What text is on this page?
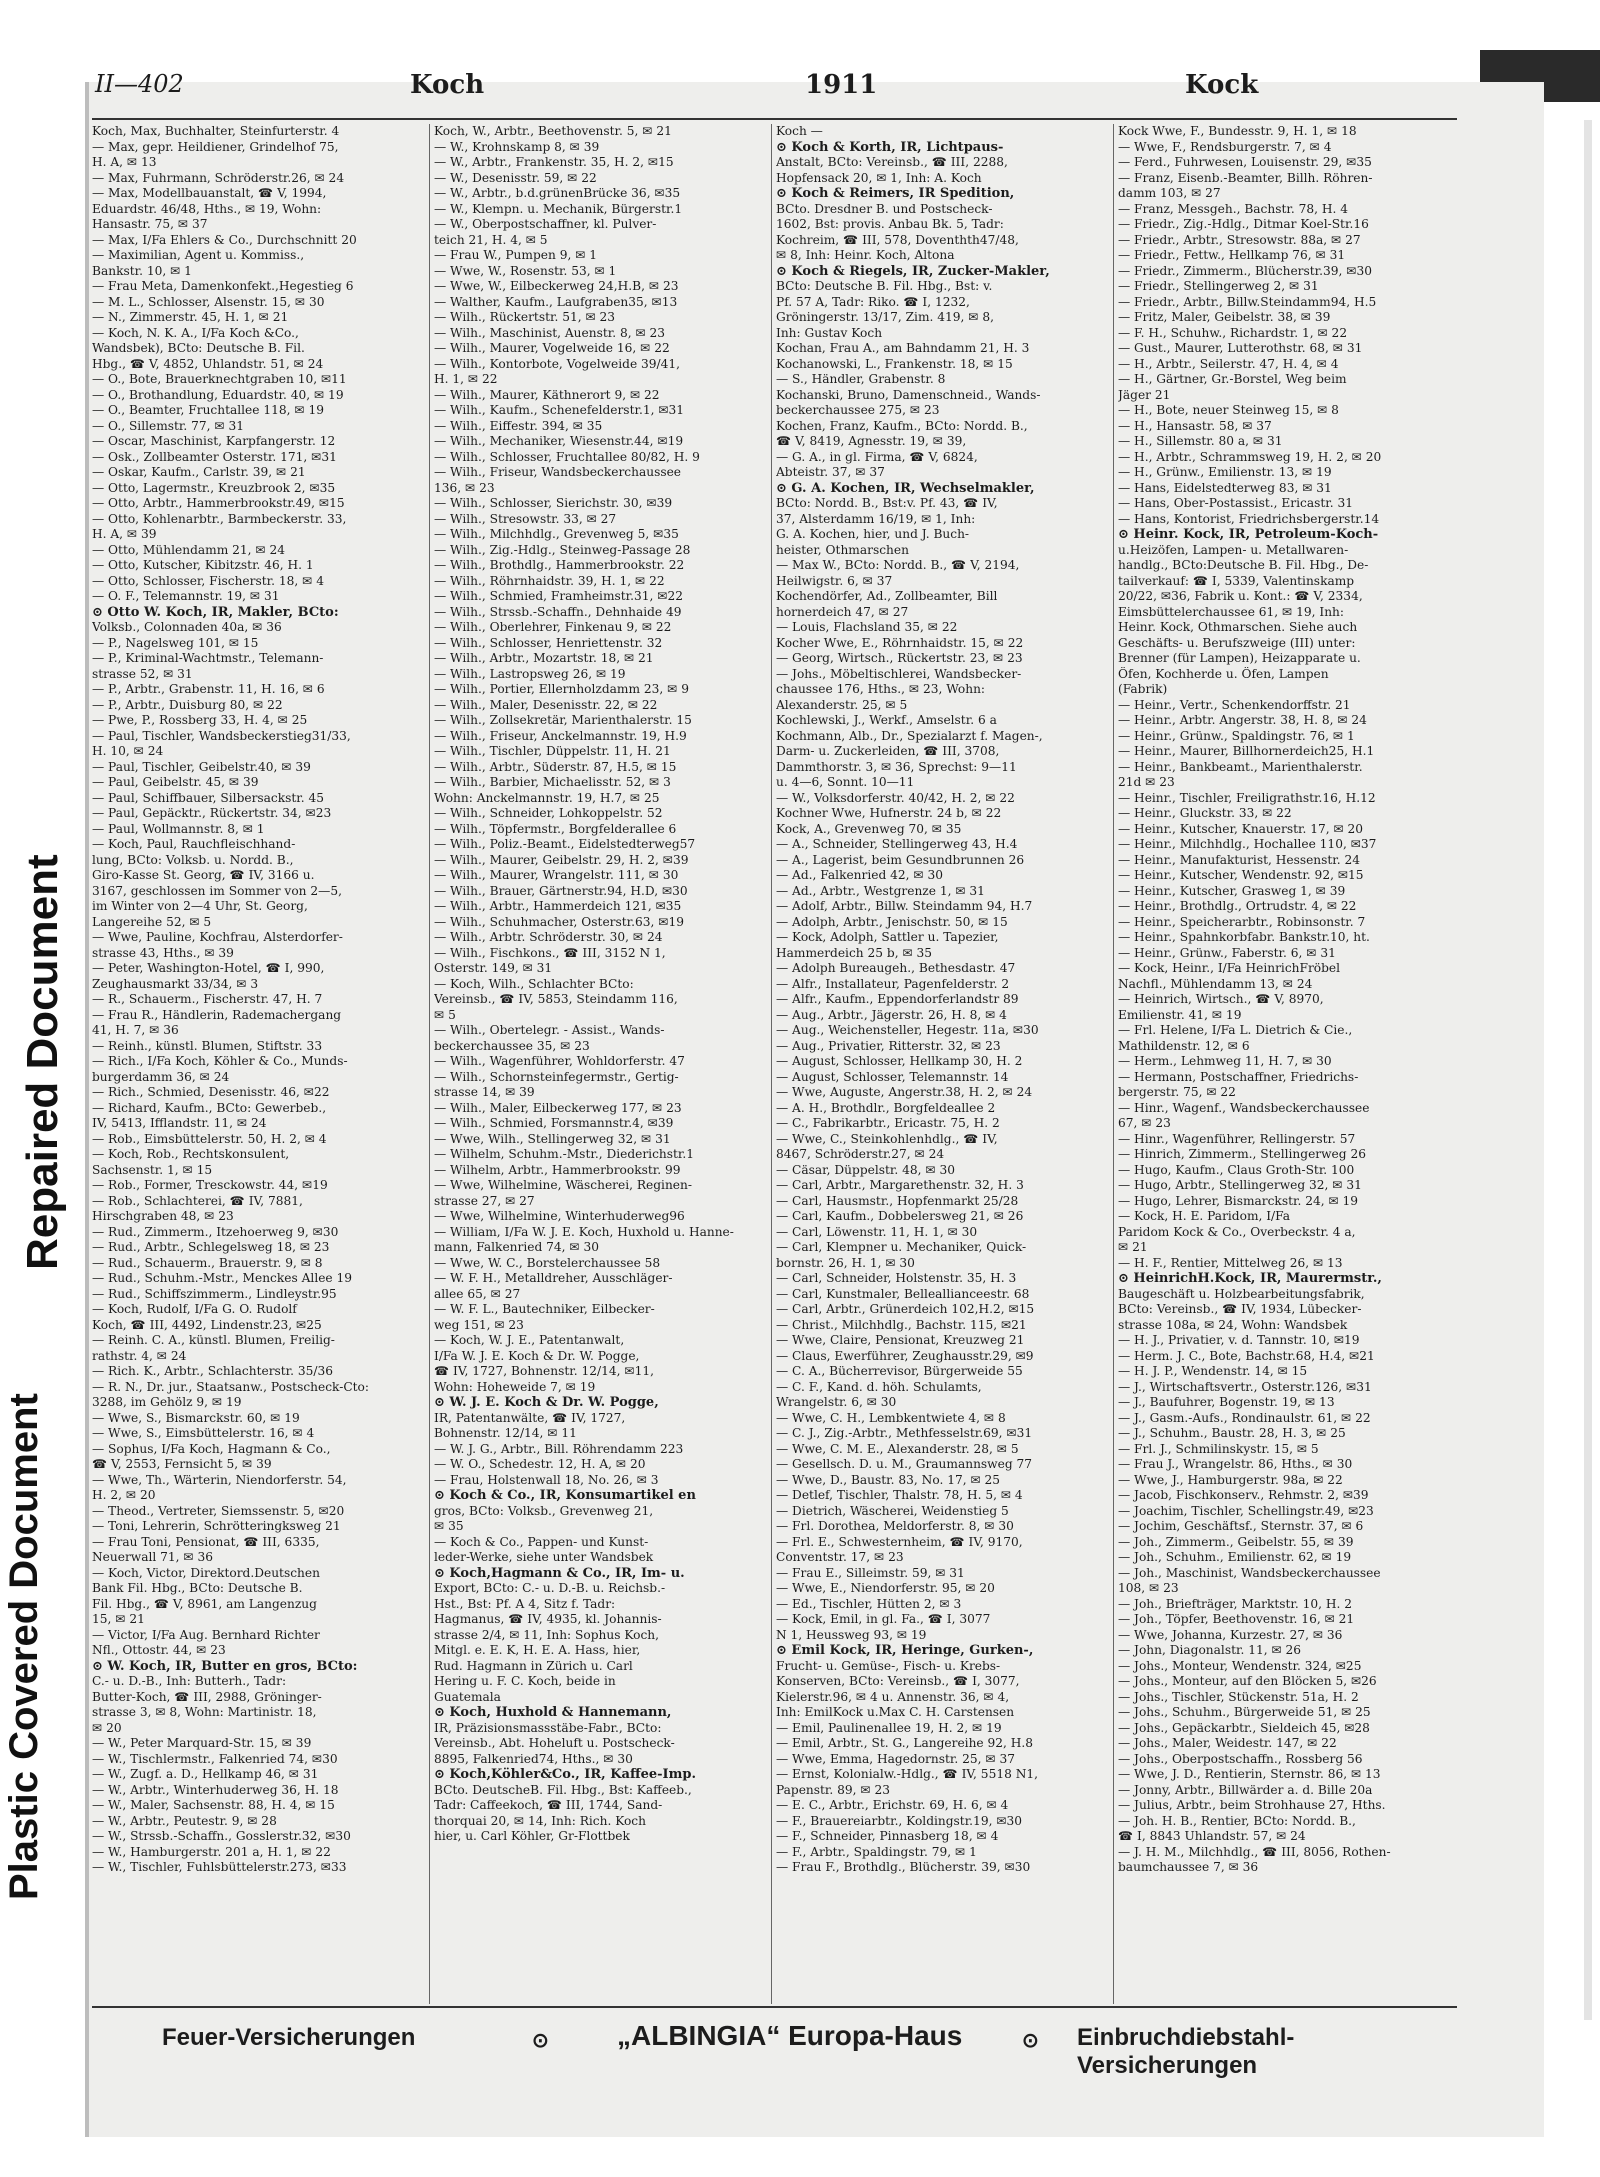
Plastic Covered Document
Repaired Document
II—402	Koch	1911	Kock
Koch, Max, Buchhalter, Steinfurterstr. 4
— Max, gepr. Heildiener, Grindelhof 75,
H. A, ✉ 13
— Max, Fuhrmann, Schröderstr.26, ✉ 24
— Max, Modellbauanstalt, ☎ V, 1994,
Eduardstr. 46/48, Hths., ✉ 19, Wohn:
Hansastr. 75, ✉ 37
— Max, I/Fa Ehlers & Co., Durchschnitt 20
— Maximilian, Agent u. Kommiss.,
Bankstr. 10, ✉ 1
— Frau Meta, Damenkonfekt.,Hegestieg 6
— M. L., Schlosser, Alsenstr. 15, ✉ 30
— N., Zimmerstr. 45, H. 1, ✉ 21
— Koch, N. K. A., I/Fa Koch &Co.,
Wandsbek), BCto: Deutsche B. Fil.
Hbg., ☎ V, 4852, Uhlandstr. 51, ✉ 24
— O., Bote, Brauerknechtgraben 10, ✉11
— O., Brothandlung, Eduardstr. 40, ✉ 19
— O., Beamter, Fruchtallee 118, ✉ 19
— O., Sillemstr. 77, ✉ 31
— Oscar, Maschinist, Karpfangerstr. 12
— Osk., Zollbeamter Osterstr. 171, ✉31
— Oskar, Kaufm., Carlstr. 39, ✉ 21
— Otto, Lagermstr., Kreuzbrook 2, ✉35
— Otto, Arbtr., Hammerbrookstr.49, ✉15
— Otto, Kohlenarbtr., Barmbeckerstr. 33,
H. A, ✉ 39
— Otto, Mühlendamm 21, ✉ 24
— Otto, Kutscher, Kibitzstr. 46, H. 1
— Otto, Schlosser, Fischerstr. 18, ✉ 4
— O. F., Telemannstr. 19, ✉ 31
⊙ Otto W. Koch, IR, Makler, BCto:
Volksb., Colonnaden 40a, ✉ 36
— P., Nagelsweg 101, ✉ 15
— P., Kriminal-Wachtmstr., Telemann-
strasse 52, ✉ 31
— P., Arbtr., Grabenstr. 11, H. 16, ✉ 6
— P., Arbtr., Duisburg 80, ✉ 22
— Pwe, P., Rossberg 33, H. 4, ✉ 25
— Paul, Tischler, Wandsbeckerstieg31/33,
H. 10, ✉ 24
— Paul, Tischler, Geibelstr.40, ✉ 39
— Paul, Geibelstr. 45, ✉ 39
— Paul, Schiffbauer, Silbersackstr. 45
— Paul, Gepäcktr., Rückertstr. 34, ✉23
— Paul, Wollmannstr. 8, ✉ 1
— Koch, Paul, Rauchfleischhand-
lung, BCto: Volksb. u. Nordd. B.,
Giro-Kasse St. Georg, ☎ IV, 3166 u.
3167, geschlossen im Sommer von 2—5,
im Winter von 2—4 Uhr, St. Georg,
Langereihe 52, ✉ 5
— Wwe, Pauline, Kochfrau, Alsterdorfer-
strasse 43, Hths., ✉ 39
— Peter, Washington-Hotel, ☎ I, 990,
Zeughausmarkt 33/34, ✉ 3
— R., Schauerm., Fischerstr. 47, H. 7
— Frau R., Händlerin, Rademachergang
41, H. 7, ✉ 36
— Reinh., künstl. Blumen, Stiftstr. 33
— Rich., I/Fa Koch, Köhler & Co., Munds-
burgerdamm 36, ✉ 24
— Rich., Schmied, Desenisstr. 46, ✉22
— Richard, Kaufm., BCto: Gewerbeb.,
IV, 5413, Ifflandstr. 11, ✉ 24
— Rob., Eimsbüttelerstr. 50, H. 2, ✉ 4
— Koch, Rob., Rechtskonsulent,
Sachsenstr. 1, ✉ 15
— Rob., Former, Tresckowstr. 44, ✉19
— Rob., Schlachterei, ☎ IV, 7881,
Hirschgraben 48, ✉ 23
— Rud., Zimmerm., Itzehoerweg 9, ✉30
— Rud., Arbtr., Schlegelsweg 18, ✉ 23
— Rud., Schauerm., Brauerstr. 9, ✉ 8
— Rud., Schuhm.-Mstr., Menckes Allee 19
— Rud., Schiffszimmerm., Lindleystr.95
— Koch, Rudolf, I/Fa G. O. Rudolf
Koch, ☎ III, 4492, Lindenstr.23, ✉25
— Reinh. C. A., künstl. Blumen, Freilig-
rathstr. 4, ✉ 24
— Rich. K., Arbtr., Schlachterstr. 35/36
— R. N., Dr. jur., Staatsanw., Postscheck-Cto:
3288, im Gehölz 9, ✉ 19
— Wwe, S., Bismarckstr. 60, ✉ 19
— Wwe, S., Eimsbüttelerstr. 16, ✉ 4
— Sophus, I/Fa Koch, Hagmann & Co.,
☎ V, 2553, Fernsicht 5, ✉ 39
— Wwe, Th., Wärterin, Niendorferstr. 54,
H. 2, ✉ 20
— Theod., Vertreter, Siemssenstr. 5, ✉20
— Toni, Lehrerin, Schrötteringksweg 21
— Frau Toni, Pensionat, ☎ III, 6335,
Neuerwall 71, ✉ 36
— Koch, Victor, Direktord.Deutschen
Bank Fil. Hbg., BCto: Deutsche B.
Fil. Hbg., ☎ V, 8961, am Langenzug
15, ✉ 21
— Victor, I/Fa Aug. Bernhard Richter
Nfl., Ottostr. 44, ✉ 23
⊙ W. Koch, IR, Butter en gros, BCto:
C.- u. D.-B., Inh: Butterh., Tadr:
Butter-Koch, ☎ III, 2988, Gröninger-
strasse 3, ✉ 8, Wohn: Martinistr. 18,
✉ 20
— W., Peter Marquard-Str. 15, ✉ 39
— W., Tischlermstr., Falkenried 74, ✉30
— W., Zugf. a. D., Hellkamp 46, ✉ 31
— W., Arbtr., Winterhuderweg 36, H. 18
— W., Maler, Sachsenstr. 88, H. 4, ✉ 15
— W., Arbtr., Peutestr. 9, ✉ 28
— W., Strssb.-Schaffn., Gosslerstr.32, ✉30
— W., Hamburgerstr. 201 a, H. 1, ✉ 22
— W., Tischler, Fuhlsbüttelerstr.273, ✉33
Koch, W., Arbtr., Beethovenstr. 5, ✉ 21
— W., Krohnskamp 8, ✉ 39
— W., Arbtr., Frankenstr. 35, H. 2, ✉15
— W., Desenisstr. 59, ✉ 22
— W., Arbtr., b.d.grünenBrücke 36, ✉35
— W., Klempn. u. Mechanik, Bürgerstr.1
— W., Oberpostschaffner, kl. Pulver-
teich 21, H. 4, ✉ 5
— Frau W., Pumpen 9, ✉ 1
— Wwe, W., Rosenstr. 53, ✉ 1
— Wwe, W., Eilbeckerweg 24,H.B, ✉ 23
— Walther, Kaufm., Laufgraben35, ✉13
— Wilh., Rückertstr. 51, ✉ 23
— Wilh., Maschinist, Auenstr. 8, ✉ 23
— Wilh., Maurer, Vogelweide 16, ✉ 22
— Wilh., Kontorbote, Vogelweide 39/41,
H. 1, ✉ 22
— Wilh., Maurer, Käthnerort 9, ✉ 22
— Wilh., Kaufm., Schenefelderstr.1, ✉31
— Wilh., Eiffestr. 394, ✉ 35
— Wilh., Mechaniker, Wiesenstr.44, ✉19
— Wilh., Schlosser, Fruchtallee 80/82, H. 9
— Wilh., Friseur, Wandsbeckerchaussee
136, ✉ 23
— Wilh., Schlosser, Sierichstr. 30, ✉39
— Wilh., Stresowstr. 33, ✉ 27
— Wilh., Milchhdlg., Grevenweg 5, ✉35
— Wilh., Zig.-Hdlg., Steinweg-Passage 28
— Wilh., Brothdlg., Hammerbrookstr. 22
— Wilh., Röhrnhaidstr. 39, H. 1, ✉ 22
— Wilh., Schmied, Framheimstr.31, ✉22
— Wilh., Strssb.-Schaffn., Dehnhaide 49
— Wilh., Oberlehrer, Finkenau 9, ✉ 22
— Wilh., Schlosser, Henriettenstr. 32
— Wilh., Arbtr., Mozartstr. 18, ✉ 21
— Wilh., Lastropsweg 26, ✉ 19
— Wilh., Portier, Ellernholzdamm 23, ✉ 9
— Wilh., Maler, Desenisstr. 22, ✉ 22
— Wilh., Zollsekretär, Marienthalerstr. 15
— Wilh., Friseur, Anckelmannstr. 19, H.9
— Wilh., Tischler, Düppelstr. 11, H. 21
— Wilh., Arbtr., Süderstr. 87, H.5, ✉ 15
— Wilh., Barbier, Michaelisstr. 52, ✉ 3
Wohn: Anckelmannstr. 19, H.7, ✉ 25
— Wilh., Schneider, Lohkoppelstr. 52
— Wilh., Töpfermstr., Borgfelderallee 6
— Wilh., Poliz.-Beamt., Eidelstedterweg57
— Wilh., Maurer, Geibelstr. 29, H. 2, ✉39
— Wilh., Maurer, Wrangelstr. 111, ✉ 30
— Wilh., Brauer, Gärtnerstr.94, H.D, ✉30
— Wilh., Arbtr., Hammerdeich 121, ✉35
— Wilh., Schuhmacher, Osterstr.63, ✉19
— Wilh., Arbtr. Schröderstr. 30, ✉ 24
— Wilh., Fischkons., ☎ III, 3152 N 1,
Osterstr. 149, ✉ 31
— Koch, Wilh., Schlachter BCto:
Vereinsb., ☎ IV, 5853, Steindamm 116,
✉ 5
— Wilh., Obertelegr. - Assist., Wands-
beckerchaussee 35, ✉ 23
— Wilh., Wagenführer, Wohldorferstr. 47
— Wilh., Schornsteinfegermstr., Gertig-
strasse 14, ✉ 39
— Wilh., Maler, Eilbeckerweg 177, ✉ 23
— Wilh., Schmied, Forsmannstr.4, ✉39
— Wwe, Wilh., Stellingerweg 32, ✉ 31
— Wilhelm, Schuhm.-Mstr., Diederichstr.1
— Wilhelm, Arbtr., Hammerbrookstr. 99
— Wwe, Wilhelmine, Wäscherei, Reginen-
strasse 27, ✉ 27
— Wwe, Wilhelmine, Winterhuderweg96
— William, I/Fa W. J. E. Koch, Huxhold u. Hanne-
mann, Falkenried 74, ✉ 30
— Wwe, W. C., Borstelerchaussee 58
— W. F. H., Metalldreher, Ausschläger-
allee 65, ✉ 27
— W. F. L., Bautechniker, Eilbecker-
weg 151, ✉ 23
— Koch, W. J. E., Patentanwalt,
I/Fa W. J. E. Koch & Dr. W. Pogge,
☎ IV, 1727, Bohnenstr. 12/14, ✉11,
Wohn: Hoheweide 7, ✉ 19
⊙ W. J. E. Koch & Dr. W. Pogge,
IR, Patentanwälte, ☎ IV, 1727,
Bohnenstr. 12/14, ✉ 11
— W. J. G., Arbtr., Bill. Röhrendamm 223
— W. O., Schedestr. 12, H. A, ✉ 20
— Frau, Holstenwall 18, No. 26, ✉ 3
⊙ Koch & Co., IR, Konsumartikel en
gros, BCto: Volksb., Grevenweg 21,
✉ 35
— Koch & Co., Pappen- und Kunst-
leder-Werke, siehe unter Wandsbek
⊙ Koch,Hagmann & Co., IR, Im- u.
Export, BCto: C.- u. D.-B. u. Reichsb.-
Hst., Bst: Pf. A 4, Sitz f. Tadr:
Hagmanus, ☎ IV, 4935, kl. Johannis-
strasse 2/4, ✉ 11, Inh: Sophus Koch,
Mitgl. e. E. K, H. E. A. Hass, hier,
Rud. Hagmann in Zürich u. Carl
Hering u. F. C. Koch, beide in
Guatemala
⊙ Koch, Huxhold & Hannemann,
IR, Präzisionsmassstäbe-Fabr., BCto:
Vereinsb., Abt. Hoheluft u. Postscheck-
8895, Falkenried74, Hths., ✉ 30
⊙ Koch,Köhler&Co., IR, Kaffee-Imp.
BCto. DeutscheB. Fil. Hbg., Bst: Kaffeeb.,
Tadr: Caffeekoch, ☎ III, 1744, Sand-
thorquai 20, ✉ 14, Inh: Rich. Koch
hier, u. Carl Köhler, Gr-Flottbek
Koch —
⊙ Koch & Korth, IR, Lichtpaus-
Anstalt, BCto: Vereinsb., ☎ III, 2288,
Hopfensack 20, ✉ 1, Inh: A. Koch
⊙ Koch & Reimers, IR Spedition,
BCto. Dresdner B. und Postscheck-
1602, Bst: provis. Anbau Bk. 5, Tadr:
Kochreim, ☎ III, 578, Doventhth47/48,
✉ 8, Inh: Heinr. Koch, Altona
⊙ Koch & Riegels, IR, Zucker-Makler,
BCto: Deutsche B. Fil. Hbg., Bst: v.
Pf. 57 A, Tadr: Riko. ☎ I, 1232,
Gröningerstr. 13/17, Zim. 419, ✉ 8,
Inh: Gustav Koch
Kochan, Frau A., am Bahndamm 21, H. 3
Kochanowski, L., Frankenstr. 18, ✉ 15
— S., Händler, Grabenstr. 8
Kochanski, Bruno, Damenschneid., Wands-
beckerchaussee 275, ✉ 23
Kochen, Franz, Kaufm., BCto: Nordd. B.,
☎ V, 8419, Agnesstr. 19, ✉ 39,
— G. A., in gl. Firma, ☎ V, 6824,
Abteistr. 37, ✉ 37
⊙ G. A. Kochen, IR, Wechselmakler,
BCto: Nordd. B., Bst:v. Pf. 43, ☎ IV,
37, Alsterdamm 16/19, ✉ 1, Inh:
G. A. Kochen, hier, und J. Buch-
heister, Othmarschen
— Max W., BCto: Nordd. B., ☎ V, 2194,
Heilwigstr. 6, ✉ 37
Kochendörfer, Ad., Zollbeamter, Bill
hornerdeich 47, ✉ 27
— Louis, Flachsland 35, ✉ 22
Kocher Wwe, E., Röhrnhaidstr. 15, ✉ 22
— Georg, Wirtsch., Rückertstr. 23, ✉ 23
— Johs., Möbeltischlerei, Wandsbecker-
chaussee 176, Hths., ✉ 23, Wohn:
Alexanderstr. 25, ✉ 5
Kochlewski, J., Werkf., Amselstr. 6 a
Kochmann, Alb., Dr., Spezialarzt f. Magen-,
Darm- u. Zuckerleiden, ☎ III, 3708,
Dammthorstr. 3, ✉ 36, Sprechst: 9—11
u. 4—6, Sonnt. 10—11
— W., Volksdorferstr. 40/42, H. 2, ✉ 22
Kochner Wwe, Hufnerstr. 24 b, ✉ 22
Kock, A., Grevenweg 70, ✉ 35
— A., Schneider, Stellingerweg 43, H.4
— A., Lagerist, beim Gesundbrunnen 26
— Ad., Falkenried 42, ✉ 30
— Ad., Arbtr., Westgrenze 1, ✉ 31
— Adolf, Arbtr., Billw. Steindamm 94, H.7
— Adolph, Arbtr., Jenischstr. 50, ✉ 15
— Kock, Adolph, Sattler u. Tapezier,
Hammerdeich 25 b, ✉ 35
— Adolph Bureaugeh., Bethesdastr. 47
— Alfr., Installateur, Pagenfelderstr. 2
— Alfr., Kaufm., Eppendorferlandstr 89
— Aug., Arbtr., Jägerstr. 26, H. 8, ✉ 4
— Aug., Weichensteller, Hegestr. 11a, ✉30
— Aug., Privatier, Ritterstr. 32, ✉ 23
— August, Schlosser, Hellkamp 30, H. 2
— August, Schlosser, Telemannstr. 14
— Wwe, Auguste, Angerstr.38, H. 2, ✉ 24
— A. H., Brothdlr., Borgfeldeallee 2
— C., Fabrikarbtr., Ericastr. 75, H. 2
— Wwe, C., Steinkohlenhdlg., ☎ IV,
8467, Schröderstr.27, ✉ 24
— Cäsar, Düppelstr. 48, ✉ 30
— Carl, Arbtr., Margarethenstr. 32, H. 3
— Carl, Hausmstr., Hopfenmarkt 25/28
— Carl, Kaufm., Dobbelersweg 21, ✉ 26
— Carl, Löwenstr. 11, H. 1, ✉ 30
— Carl, Klempner u. Mechaniker, Quick-
bornstr. 26, H. 1, ✉ 30
— Carl, Schneider, Holstenstr. 35, H. 3
— Carl, Kunstmaler, Belleallianceestr. 68
— Carl, Arbtr., Grünerdeich 102,H.2, ✉15
— Christ., Milchhdlg., Bachstr. 115, ✉21
— Wwe, Claire, Pensionat, Kreuzweg 21
— Claus, Ewerführer, Zeughausstr.29, ✉9
— C. A., Bücherrevisor, Bürgerweide 55
— C. F., Kand. d. höh. Schulamts,
Wrangelstr. 6, ✉ 30
— Wwe, C. H., Lembkentwiete 4, ✉ 8
— C. J., Zig.-Arbtr., Methfesselstr.69, ✉31
— Wwe, C. M. E., Alexanderstr. 28, ✉ 5
— Gesellsch. D. u. M., Graumannsweg 77
— Wwe, D., Baustr. 83, No. 17, ✉ 25
— Detlef, Tischler, Thalstr. 78, H. 5, ✉ 4
— Dietrich, Wäscherei, Weidenstieg 5
— Frl. Dorothea, Meldorferstr. 8, ✉ 30
— Frl. E., Schwesternheim, ☎ IV, 9170,
Conventstr. 17, ✉ 23
— Frau E., Silleimstr. 59, ✉ 31
— Wwe, E., Niendorferstr. 95, ✉ 20
— Ed., Tischler, Hütten 2, ✉ 3
— Kock, Emil, in gl. Fa., ☎ I, 3077
N 1, Heussweg 93, ✉ 19
⊙ Emil Kock, IR, Heringe, Gurken-,
Frucht- u. Gemüse-, Fisch- u. Krebs-
Konserven, BCto: Vereinsb., ☎ I, 3077,
Kielerstr.96, ✉ 4 u. Annenstr. 36, ✉ 4,
Inh: EmilKock u.Max C. H. Carstensen
— Emil, Paulinenallee 19, H. 2, ✉ 19
— Emil, Arbtr., St. G., Langereihe 92, H.8
— Wwe, Emma, Hagedornstr. 25, ✉ 37
— Ernst, Kolonialw.-Hdlg., ☎ IV, 5518 N1,
Papenstr. 89, ✉ 23
— E. C., Arbtr., Erichstr. 69, H. 6, ✉ 4
— F., Brauereiarbtr., Koldingstr.19, ✉30
— F., Schneider, Pinnasberg 18, ✉ 4
— F., Arbtr., Spaldingstr. 79, ✉ 1
— Frau F., Brothdlg., Blücherstr. 39, ✉30
Kock Wwe, F., Bundesstr. 9, H. 1, ✉ 18
— Wwe, F., Rendsburgerstr. 7, ✉ 4
— Ferd., Fuhrwesen, Louisenstr. 29, ✉35
— Franz, Eisenb.-Beamter, Billh. Röhren-
damm 103, ✉ 27
— Franz, Messgeh., Bachstr. 78, H. 4
— Friedr., Zig.-Hdlg., Ditmar Koel-Str.16
— Friedr., Arbtr., Stresowstr. 88a, ✉ 27
— Friedr., Fettw., Hellkamp 76, ✉ 31
— Friedr., Zimmerm., Blücherstr.39, ✉30
— Friedr., Stellingerweg 2, ✉ 31
— Friedr., Arbtr., Billw.Steindamm94, H.5
— Fritz, Maler, Geibelstr. 38, ✉ 39
— F. H., Schuhw., Richardstr. 1, ✉ 22
— Gust., Maurer, Lutterothstr. 68, ✉ 31
— H., Arbtr., Seilerstr. 47, H. 4, ✉ 4
— H., Gärtner, Gr.-Borstel, Weg beim
Jäger 21
— H., Bote, neuer Steinweg 15, ✉ 8
— H., Hansastr. 58, ✉ 37
— H., Sillemstr. 80 a, ✉ 31
— H., Arbtr., Schrammsweg 19, H. 2, ✉ 20
— H., Grünw., Emilienstr. 13, ✉ 19
— Hans, Eidelstedterweg 83, ✉ 31
— Hans, Ober-Postassist., Ericastr. 31
— Hans, Kontorist, Friedrichsbergerstr.14
⊙ Heinr. Kock, IR, Petroleum-Koch-
u.Heizöfen, Lampen- u. Metallwaren-
handlg., BCto:Deutsche B. Fil. Hbg., De-
tailverkauf: ☎ I, 5339, Valentinskamp
20/22, ✉36, Fabrik u. Kont.: ☎ V, 2334,
Eimsbüttelerchaussee 61, ✉ 19, Inh:
Heinr. Kock, Othmarschen. Siehe auch
Geschäfts- u. Berufszweige (III) unter:
Brenner (für Lampen), Heizapparate u.
Öfen, Kochherde u. Öfen, Lampen
(Fabrik)
— Heinr., Vertr., Schenkendorffstr. 21
— Heinr., Arbtr. Angerstr. 38, H. 8, ✉ 24
— Heinr., Grünw., Spaldingstr. 76, ✉ 1
— Heinr., Maurer, Billhornerdeich25, H.1
— Heinr., Bankbeamt., Marienthalerstr.
21d ✉ 23
— Heinr., Tischler, Freiligrathstr.16, H.12
— Heinr., Gluckstr. 33, ✉ 22
— Heinr., Kutscher, Knauerstr. 17, ✉ 20
— Heinr., Milchhdlg., Hochallee 110, ✉37
— Heinr., Manufakturist, Hessenstr. 24
— Heinr., Kutscher, Wendenstr. 92, ✉15
— Heinr., Kutscher, Grasweg 1, ✉ 39
— Heinr., Brothdlg., Ortrudstr. 4, ✉ 22
— Heinr., Speicherarbtr., Robinsonstr. 7
— Heinr., Spahnkorbfabr. Bankstr.10, ht.
— Heinr., Grünw., Faberstr. 6, ✉ 31
— Kock, Heinr., I/Fa HeinrichFröbel
Nachfl., Mühlendamm 13, ✉ 24
— Heinrich, Wirtsch., ☎ V, 8970,
Emilienstr. 41, ✉ 19
— Frl. Helene, I/Fa L. Dietrich & Cie.,
Mathildenstr. 12, ✉ 6
— Herm., Lehmweg 11, H. 7, ✉ 30
— Hermann, Postschaffner, Friedrichs-
bergerstr. 75, ✉ 22
— Hinr., Wagenf., Wandsbeckerchaussee
67, ✉ 23
— Hinr., Wagenführer, Rellingerstr. 57
— Hinrich, Zimmerm., Stellingerweg 26
— Hugo, Kaufm., Claus Groth-Str. 100
— Hugo, Arbtr., Stellingerweg 32, ✉ 31
— Hugo, Lehrer, Bismarckstr. 24, ✉ 19
— Kock, H. E. Paridom, I/Fa
Paridom Kock & Co., Overbeckstr. 4 a,
✉ 21
— H. F., Rentier, Mittelweg 26, ✉ 13
⊙ HeinrichH.Kock, IR, Maurermstr.,
Baugeschäft u. Holzbearbeitungsfabrik,
BCto: Vereinsb., ☎ IV, 1934, Lübecker-
strasse 108a, ✉ 24, Wohn: Wandsbek
— H. J., Privatier, v. d. Tannstr. 10, ✉19
— Herm. J. C., Bote, Bachstr.68, H.4, ✉21
— H. J. P., Wendenstr. 14, ✉ 15
— J., Wirtschaftsvertr., Osterstr.126, ✉31
— J., Baufuhrer, Bogenstr. 19, ✉ 13
— J., Gasm.-Aufs., Rondinaulstr. 61, ✉ 22
— J., Schuhm., Baustr. 28, H. 3, ✉ 25
— Frl. J., Schmilinskystr. 15, ✉ 5
— Frau J., Wrangelstr. 86, Hths., ✉ 30
— Wwe, J., Hamburgerstr. 98a, ✉ 22
— Jacob, Fischkonserv., Rehmstr. 2, ✉39
— Joachim, Tischler, Schellingstr.49, ✉23
— Jochim, Geschäftsf., Sternstr. 37, ✉ 6
— Joh., Zimmerm., Geibelstr. 55, ✉ 39
— Joh., Schuhm., Emilienstr. 62, ✉ 19
— Joh., Maschinist, Wandsbeckerchaussee
108, ✉ 23
— Joh., Briefträger, Marktstr. 10, H. 2
— Joh., Töpfer, Beethovenstr. 16, ✉ 21
— Wwe, Johanna, Kurzestr. 27, ✉ 36
— John, Diagonalstr. 11, ✉ 26
— Johs., Monteur, Wendenstr. 324, ✉25
— Johs., Monteur, auf den Blöcken 5, ✉26
— Johs., Tischler, Stückenstr. 51a, H. 2
— Johs., Schuhm., Bürgerweide 51, ✉ 25
— Johs., Gepäckarbtr., Sieldeich 45, ✉28
— Johs., Maler, Weidestr. 147, ✉ 22
— Johs., Oberpostschaffn., Rossberg 56
— Wwe, J. D., Rentierin, Sternstr. 86, ✉ 13
— Jonny, Arbtr., Billwärder a. d. Bille 20a
— Julius, Arbtr., beim Strohhause 27, Hths.
— Joh. H. B., Rentier, BCto: Nordd. B.,
☎ I, 8843 Uhlandstr. 57, ✉ 24
— J. H. M., Milchhdlg., ☎ III, 8056, Rothen-
baumchaussee 7, ✉ 36
Feuer-Versicherungen	⊙ „ALBINGIA“ Europa-Haus	⊙ Einbruchdiebstahl-Versicherungen
